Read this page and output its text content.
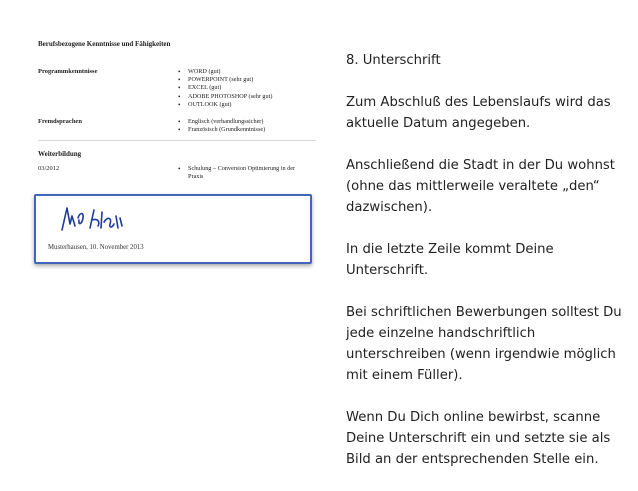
Berufsbezogene Kenntnisse und Fähigkeiten
Programmkenntnisse	• WORD (gut)
• POWERPOINT (sehr gut)
• EXCEL (gut)
• ADOBE PHOTOSHOP (sehr gut)
• OUTLOOK (gut)
Fremdsprachen	• Englisch (verhandlungssicher)
• Französisch (Grundkenntnisse)
Weiterbildung
03/2012	• Schulung – Conversion Optimierung in der Praxis
Musterhausen, 10. November 2013

8. Unterschrift

Zum Abschluß des Lebenslaufs wird das aktuelle Datum angegeben.

Anschließend die Stadt in der Du wohnst (ohne das mittlerweile veraltete „den“ dazwischen).

In die letzte Zeile kommt Deine Unterschrift.

Bei schriftlichen Bewerbungen solltest Du jede einzelne handschriftlich unterschreiben (wenn irgendwie möglich mit einem Füller).

Wenn Du Dich online bewirbst, scanne Deine Unterschrift ein und setzte sie als Bild an der entsprechenden Stelle ein.
